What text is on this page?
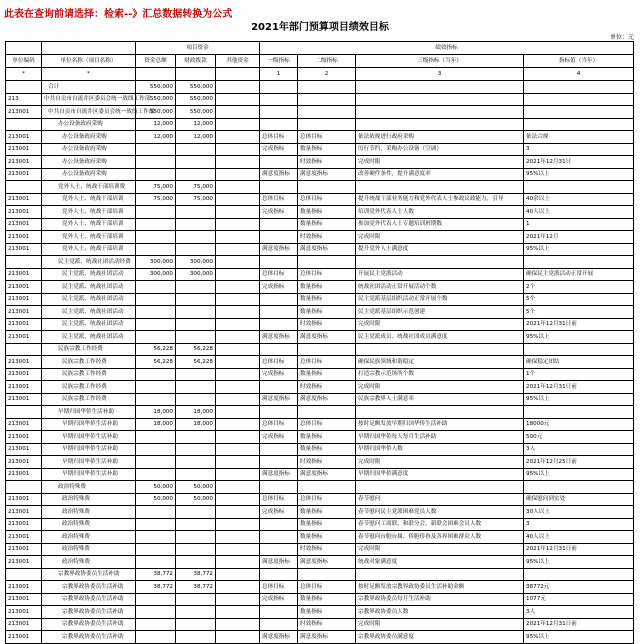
此表在查询前请选择：检索--》汇总数据转换为公式
2021年部门预算项目绩效目标
单位：元
		项目资金			绩效指标			
单位编码	单位名称（项目名称）	资金总额	财政拨款	其他资金	一级指标	二级指标	三级指标（当年）	指标值（当年）
*	*				1	2	3	4
	合计	550,000	550,000					
213	中共自贡市自流井区委员会统一战线工作部	550,000	550,000					
213001	中共自贡市自流井区委员会统一战线工作部	550,000	550,000					
	办公设备政府采购	12,000	12,000					
213001	办公设备政府采购	12,000	12,000		总体目标	总体目标	依法依规进行政府采购	依法合规
213001	办公设备政府采购				完成指标	数量指标	厉行节约，采购办公设备（空调）	3
213001	办公设备政府采购					时效指标	完成时限	2021年12月31日
213001	办公设备政府采购				满意度指标	满意度指标	改善硬件条件，提升满意度率	95%以上
	党外人士、统战干部培训费	75,000	75,000					
213001	党外人士、统战干部培训	75,000	75,000		总体目标	总体目标	提升统战干部业务能力和党外代表人士参政议政能力，引导	40余以上
213001	党外人士、统战干部培训				完成指标	数量指标	培训党外代表人士人数	40人以上
213001	党外人士、统战干部培训					数量指标	参加党外代表人士专题培训班期数	1
213001	党外人士、统战干部培训					时效指标	完成时限	2021年12月
213001	党外人士、统战干部培训				满意度指标	满意度指标	提升党外人士满意度	95%以上
	民主党派、统战社团活动经费	300,000	300,000					
213001	民主党派、统战社团活动	300,000	300,000		总体目标	总体目标	开展民主党派活动	确保民主党派活动正常开展
213001	民主党派、统战社团活动				完成指标	数量指标	统战社团活动正常开展活动个数	2个
213001	民主党派、统战社团活动					数量指标	民主党派基层组织活动正常开展个数	5个
213001	民主党派、统战社团活动					数量指标	民主党派基层组织示范创建	5个
213001	民主党派、统战社团活动					时效指标	完成时限	2021年12月31日前
213001	民主党派、统战社团活动				满意度指标	满意度指标	民主党派成员、统战社团成员满意度	95%以上
	民族宗教工作经费	56,228	56,228					
213001	民族宗教工作经费	56,228	56,228		总体目标	总体目标	确保民族领域和谐稳定	确保稳定团结
213001	民族宗教工作经费				完成指标	数量指标	打造宗教示范场所个数	1个
213001	民族宗教工作经费					时效指标	完成时限	2021年12月31日前
213001	民族宗教工作经费				满意度指标	满意度指标	民族宗教界人士满意率	95%以上
	早期归国华侨生活补助	18,000	18,000					
213001	早期归国华侨生活补助	18,000	18,000		总体目标	总体目标	按时足额发放早期归国华侨生活补助	18000元
213001	早期归国华侨生活补助				完成指标	数量指标	早期归国华侨每人每月生活补助	500元
213001	早期归国华侨生活补助					数量指标	早期归国华侨人数	3人
213001	早期归国华侨生活补助					时效指标	完成时限	2021年12月25日前
213001	早期归国华侨生活补助				满意度指标	满意度指标	早期归国华侨满意度	95%以上
	政治特殊费	50,000	50,000					
213001	政治特殊费	50,000	50,000		总体目标	总体目标	春节慰问	确保慰问到实处
213001	政治特殊费				完成指标	数量指标	春节慰问民主党派困难党员人数	30人以上
213001	政治特殊费					数量指标	春节慰问工商联、和联分会、新联会困难会员人数	3
213001	政治特殊费					数量指标	春节慰问台胞台属、侨胞侨眷及各界困难群众人数	40人以上
213001	政治特殊费					时效指标	完成时限	2021年12月31日前
213001	政治特殊费				满意度指标	满意度指标	统战对象满意度	95%以上
	宗教界政协委员生活补助	38,772	38,772					
213001	宗教界政协委员生活补助	38,772	38,772		总体目标	总体目标	按时足额发放宗教界政协委员生活补助金额	38772元
213001	宗教界政协委员生活补助				完成指标	数量指标	宗教界政协委员每月生活补助	1077元
213001	宗教界政协委员生活补助					数量指标	宗教界政协委员人数	3人
213001	宗教界政协委员生活补助					时效指标	完成时限	2021年12月31日前
213001	宗教界政协委员生活补助				满意度指标	满意度指标	宗教界政协委员满意度	95%以上
